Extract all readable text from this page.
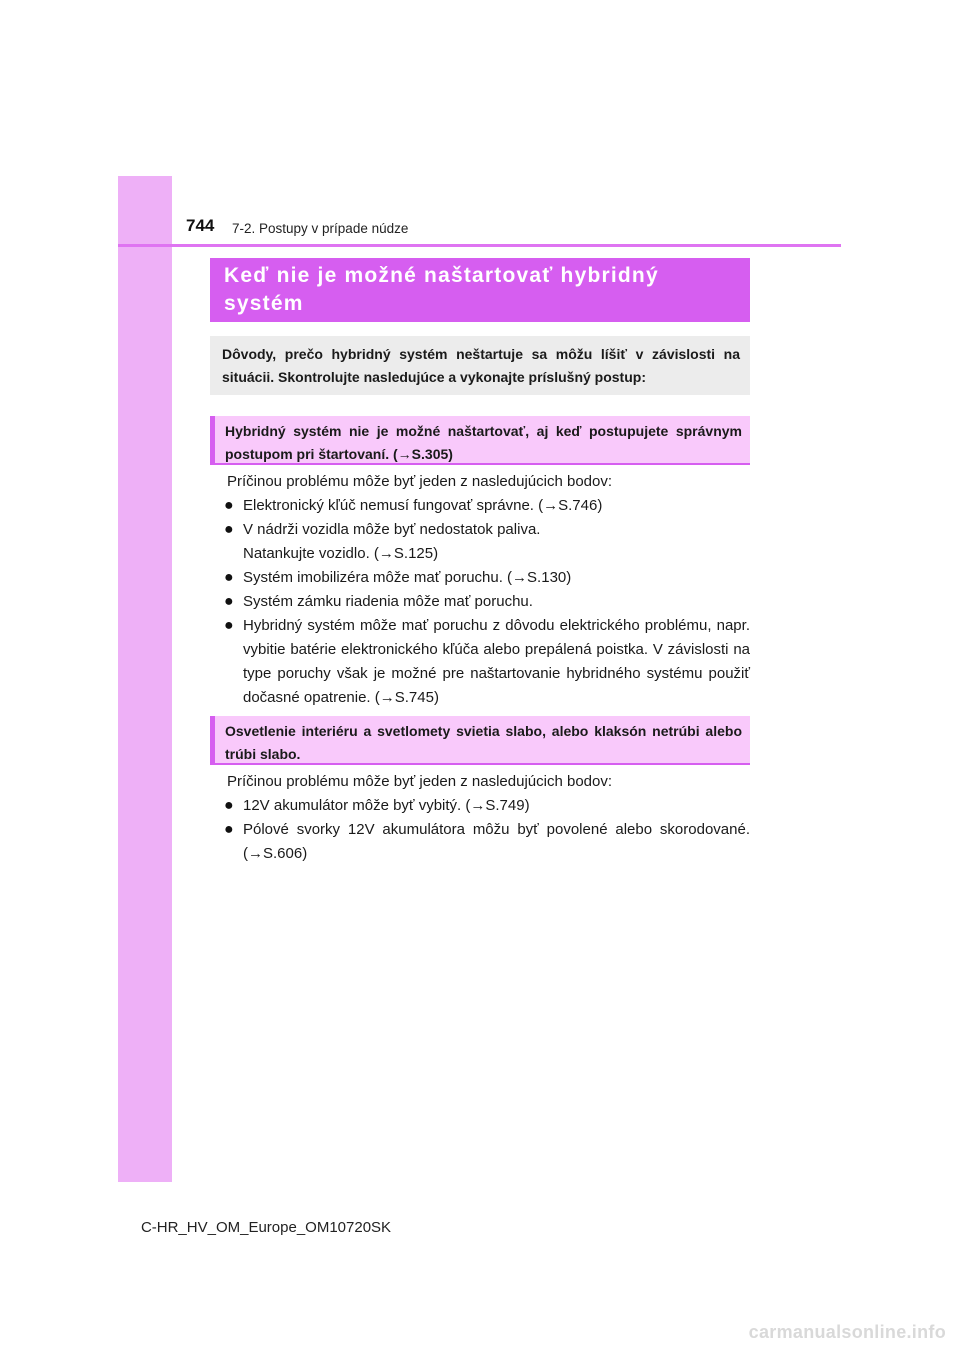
744 7-2. Postupy v prípade núdze
Keď nie je možné naštartovať hybridný systém
Dôvody, prečo hybridný systém neštartuje sa môžu líšiť v závislosti na situácii. Skontrolujte nasledujúce a vykonajte príslušný postup:
Hybridný systém nie je možné naštartovať, aj keď postupujete správnym postupom pri štartovaní. (→S.305)

Príčinou problému môže byť jeden z nasledujúcich bodov:

● Elektronický kľúč nemusí fungovať správne. (→S.746)
● V nádrži vozidla môže byť nedostatok paliva.
Natankujte vozidlo. (→S.125)
● Systém imobilizéra môže mať poruchu. (→S.130)
● Systém zámku riadenia môže mať poruchu.
● Hybridný systém môže mať poruchu z dôvodu elektrického problému, napr. vybitie batérie elektronického kľúča alebo prepálená poistka. V závislosti na type poruchy však je možné pre naštartovanie hybridného systému použiť dočasné opatrenie. (→S.745)
Osvetlenie interiéru a svetlomety svietia slabo, alebo klaksón netrúbi alebo trúbi slabo.

Príčinou problému môže byť jeden z nasledujúcich bodov:

● 12V akumulátor môže byť vybitý. (→S.749)
● Pólové svorky 12V akumulátora môžu byť povolené alebo skorodované. (→S.606)
C-HR_HV_OM_Europe_OM10720SK
carmanualsonline.info
